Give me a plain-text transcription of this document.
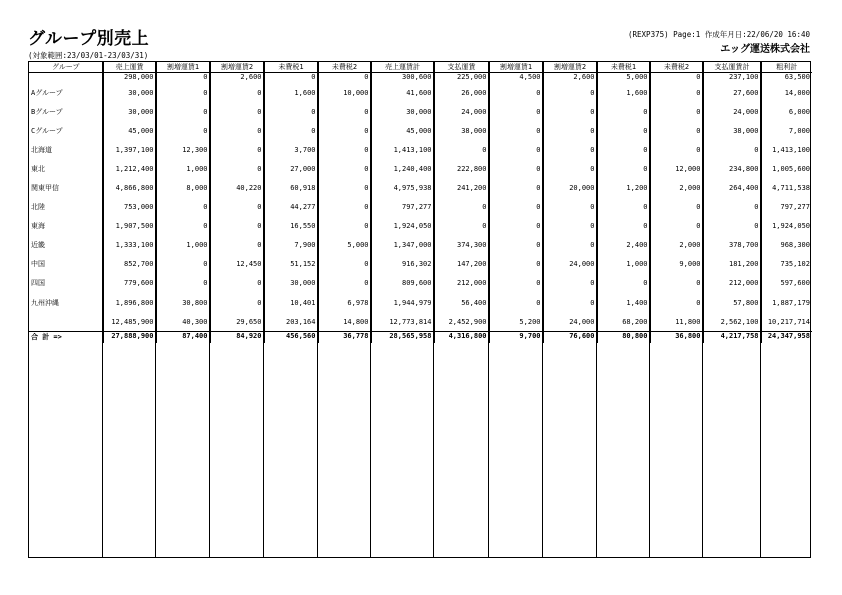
グループ別売上
(対象範囲:23/03/01-23/03/31)
(REXP375) Page:1 作成年月日:22/06/20 16:40
エッグ運送株式会社
グループ	売上運賃	割増運賃1	割増運賃2	未費税1	未費税2	売上運賃計	支払運賃	割増運賃1	割増運賃2	未費税1	未費税2	支払運賃計	粗利計
	298,000	0	2,600	0	0	300,600	225,000	4,500	2,600	5,000	0	237,100	63,500
Aグループ	30,000	0	0	1,600	10,000	41,600	26,000	0	0	1,600	0	27,600	14,000
Bグループ	30,000	0	0	0	0	30,000	24,000	0	0	0	0	24,000	6,000
Cグループ	45,000	0	0	0	0	45,000	38,000	0	0	0	0	38,000	7,000
北海道	1,397,100	12,300	0	3,700	0	1,413,100	0	0	0	0	0	0	1,413,100
東北	1,212,400	1,000	0	27,000	0	1,240,400	222,800	0	0	0	12,000	234,800	1,005,600
関東甲信	4,866,800	8,000	40,220	60,918	0	4,975,938	241,200	0	20,000	1,200	2,000	264,400	4,711,538
北陸	753,000	0	0	44,277	0	797,277	0	0	0	0	0	0	797,277
東海	1,907,500	0	0	16,550	0	1,924,050	0	0	0	0	0	0	1,924,050
近畿	1,333,100	1,000	0	7,900	5,000	1,347,000	374,300	0	0	2,400	2,000	378,700	968,300
中国	852,700	0	12,450	51,152	0	916,302	147,200	0	24,000	1,000	9,000	181,200	735,102
四国	779,600	0	0	30,000	0	809,600	212,000	0	0	0	0	212,000	597,600
九州沖縄	1,896,800	30,800	0	10,401	6,978	1,944,979	56,400	0	0	1,400	0	57,800	1,887,179
	12,485,900	40,300	29,650	203,164	14,800	12,773,814	2,452,900	5,200	24,000	68,200	11,800	2,562,100	10,217,714
合 計 =>	27,888,900	87,400	84,920	456,560	36,778	28,565,958	4,316,800	9,700	76,600	80,800	36,800	4,217,758	24,347,958
